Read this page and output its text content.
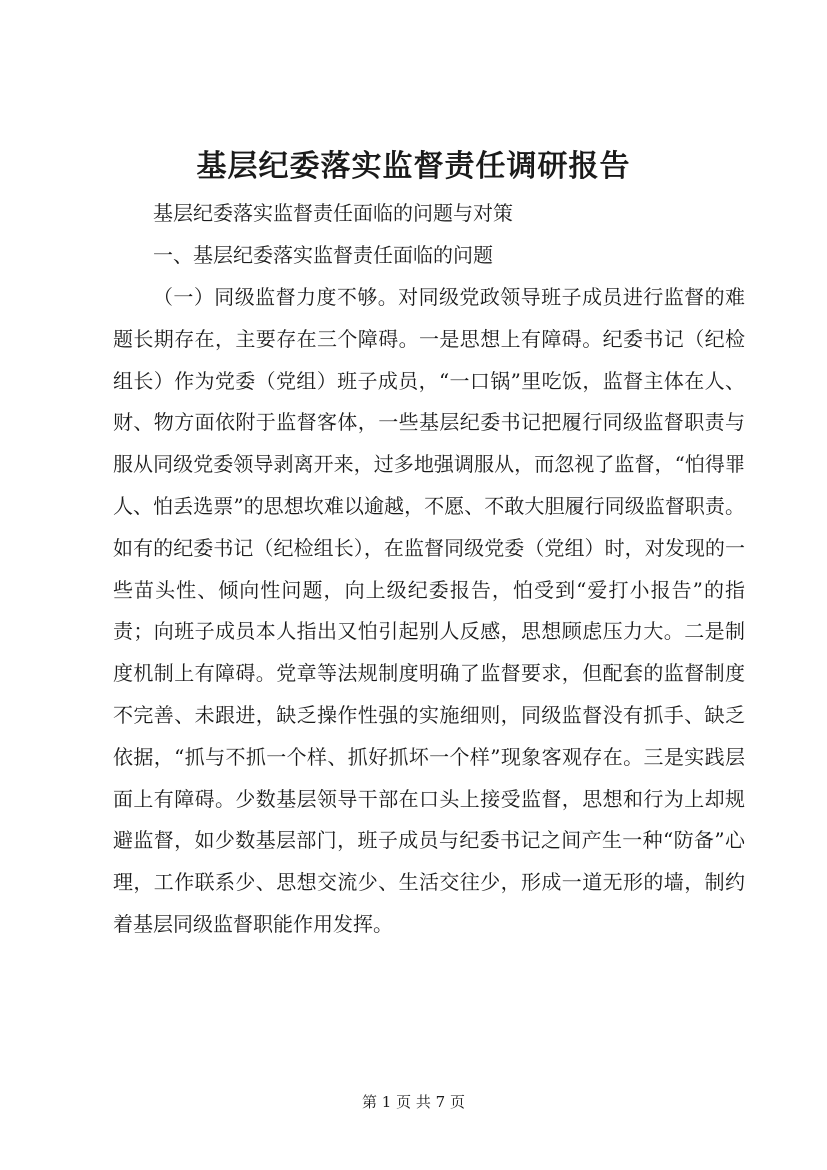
基层纪委落实监督责任调研报告

基层纪委落实监督责任面临的问题与对策

一、基层纪委落实监督责任面临的问题

（一）同级监督力度不够。对同级党政领导班子成员进行监督的难题长期存在，主要存在三个障碍。一是思想上有障碍。纪委书记（纪检组长）作为党委（党组）班子成员，“一口锅”里吃饭，监督主体在人、财、物方面依附于监督客体，一些基层纪委书记把履行同级监督职责与服从同级党委领导剥离开来，过多地强调服从，而忽视了监督，“怕得罪人、怕丢选票”的思想坎难以逾越，不愿、不敢大胆履行同级监督职责。如有的纪委书记（纪检组长），在监督同级党委（党组）时，对发现的一些苗头性、倾向性问题，向上级纪委报告，怕受到“爱打小报告”的指责；向班子成员本人指出又怕引起别人反感，思想顾虑压力大。二是制度机制上有障碍。党章等法规制度明确了监督要求，但配套的监督制度不完善、未跟进，缺乏操作性强的实施细则，同级监督没有抓手、缺乏依据，“抓与不抓一个样、抓好抓坏一个样”现象客观存在。三是实践层面上有障碍。少数基层领导干部在口头上接受监督，思想和行为上却规避监督，如少数基层部门，班子成员与纪委书记之间产生一种“防备”心理，工作联系少、思想交流少、生活交往少，形成一道无形的墙，制约着基层同级监督职能作用发挥。

第 1 页 共 7 页
